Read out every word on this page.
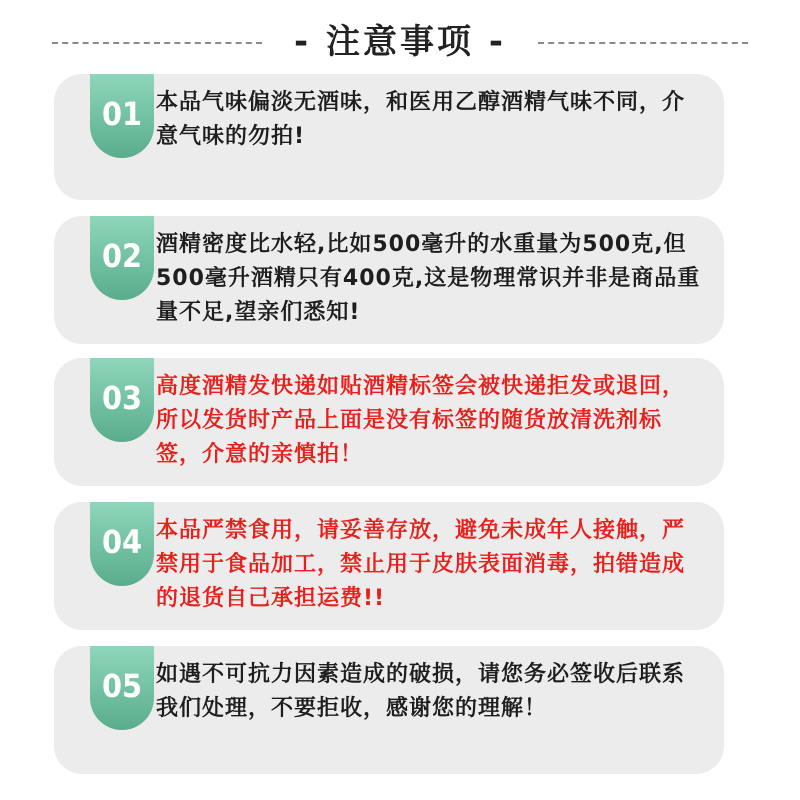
- 注意事项 -
01 本品气味偏淡无酒味，和医用乙醇酒精气味不同，介意气味的勿拍!
02 酒精密度比水轻,比如500毫升的水重量为500克,但500毫升酒精只有400克,这是物理常识并非是商品重量不足,望亲们悉知!
03 高度酒精发快递如贴酒精标签会被快递拒发或退回，所以发货时产品上面是没有标签的随货放清洗剂标签，介意的亲慎拍！
04 本品严禁食用，请妥善存放，避免未成年人接触，严禁用于食品加工，禁止用于皮肤表面消毒，拍错造成的退货自己承担运费!!
05 如遇不可抗力因素造成的破损，请您务必签收后联系我们处理，不要拒收，感谢您的理解！
